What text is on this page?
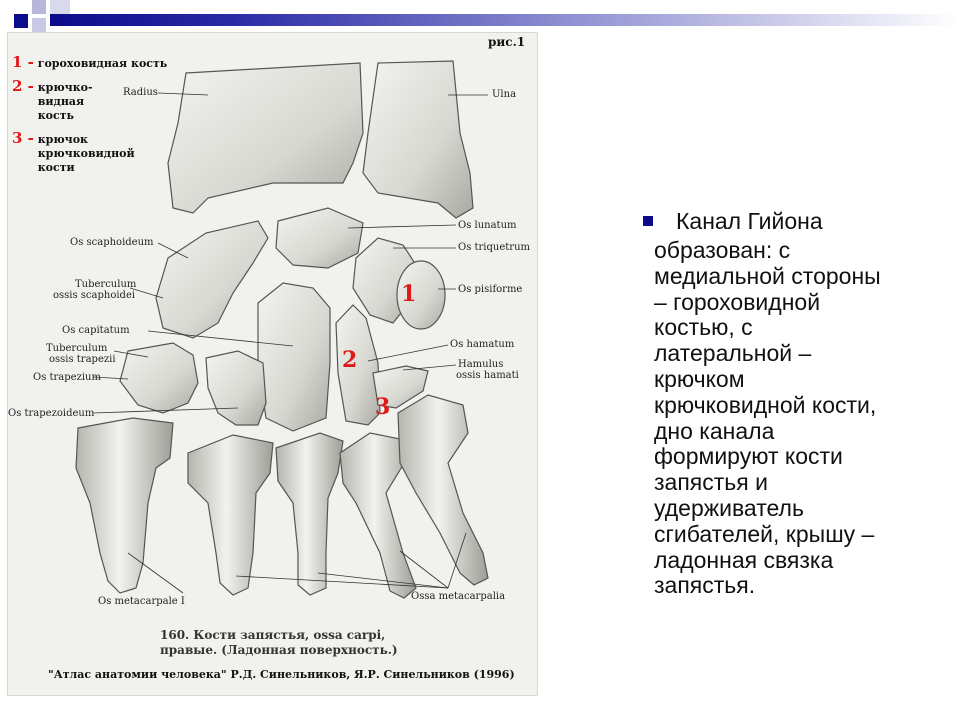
рис.1
1 - гороховидная кость
2 - крючко-
видная
кость
3 - крючок
крючковидной
кости
Radius	Ulna
Os lunatum
Os triquetrum
Os scaphoideum
Tuberculum
ossis scaphoidei
Os pisiforme
Os capitatum
Os hamatum
Tuberculum
ossis trapezii	Hamulus
ossis hamati
Os trapezium
Os trapezoideum
Os metacarpale I	Ossa metacarpalia
1
2
3
160. Кости запястья, ossa carpi,
правые. (Ладонная поверхность.)
"Атлас анатомии человека" Р.Д. Синельников, Я.Р. Синельников (1996)
Канал Гийона
образован: с
медиальной стороны
– гороховидной
костью, с
латеральной –
крючком
крючковидной кости,
дно канала
формируют кости
запястья и
удерживатель
сгибателей, крышу –
ладонная связка
запястья.
